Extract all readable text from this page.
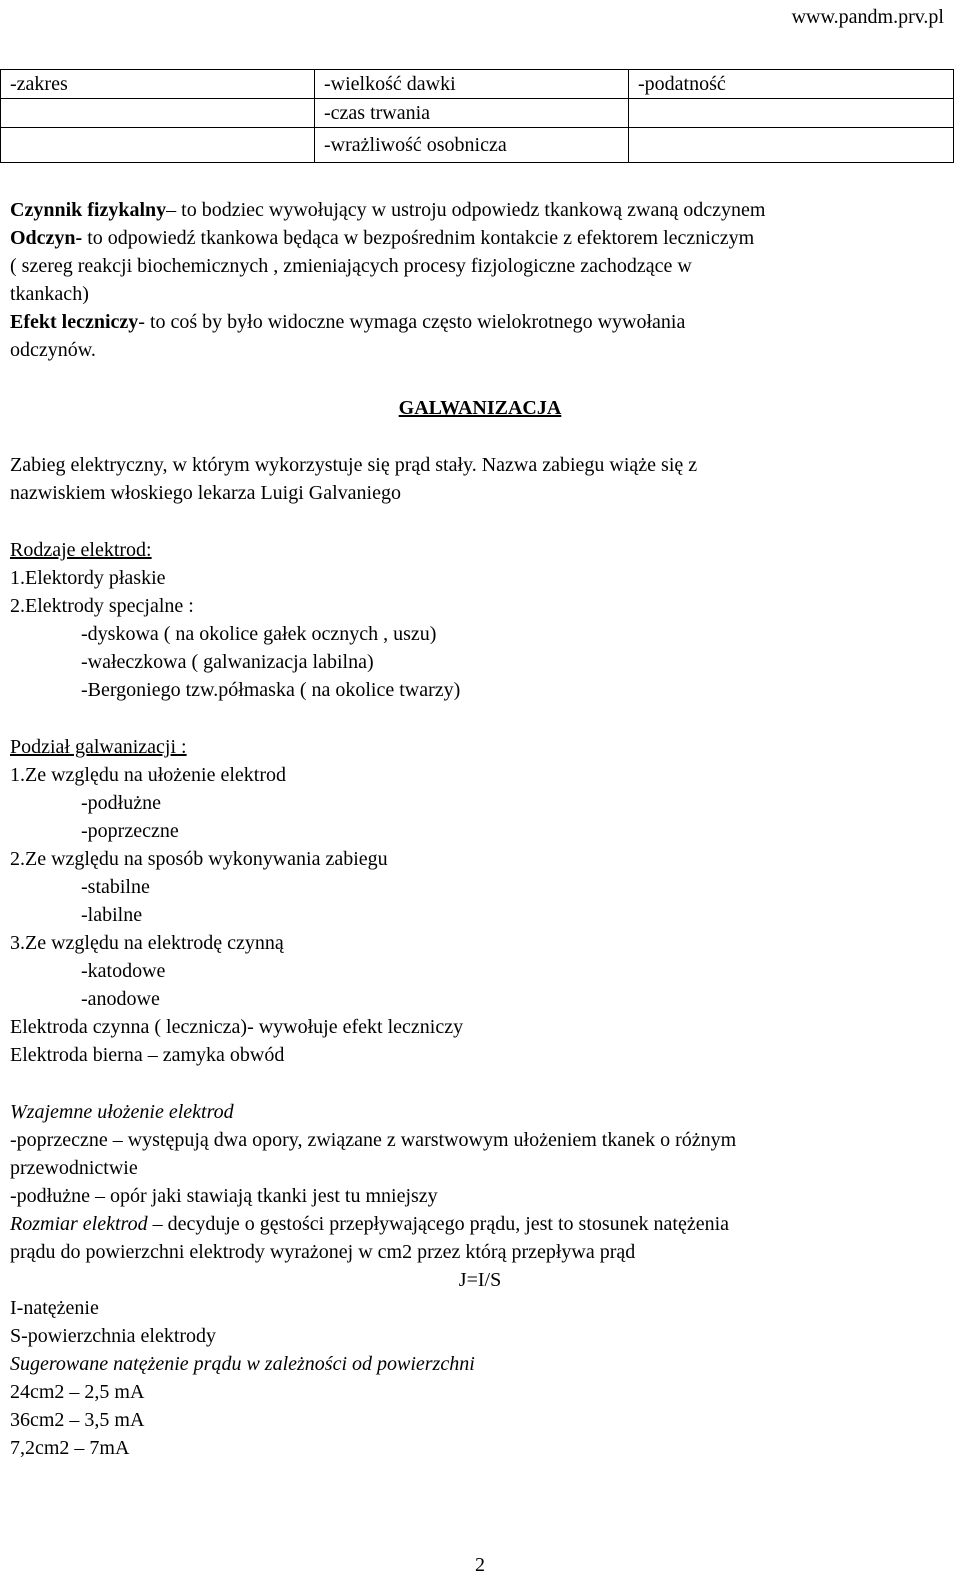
www.pandm.prv.pl
-zakres	-wielkość dawki	-podatność
	-czas trwania	
	-wrażliwość osobnicza	
Czynnik fizykalny– to bodziec wywołujący w ustroju odpowiedz tkankową zwaną odczynem
Odczyn- to odpowiedź tkankowa będąca w bezpośrednim kontakcie z efektorem leczniczym
( szereg reakcji biochemicznych , zmieniających procesy fizjologiczne zachodzące w
tkankach)
Efekt leczniczy- to coś by było widoczne wymaga często wielokrotnego wywołania
odczynów.
GALWANIZACJA
Zabieg elektryczny, w którym wykorzystuje się prąd stały. Nazwa zabiegu wiąże się z
nazwiskiem włoskiego lekarza Luigi Galvaniego
Rodzaje elektrod:
1.Elektordy płaskie
2.Elektrody specjalne :
-dyskowa ( na okolice gałek ocznych , uszu)
-wałeczkowa ( galwanizacja labilna)
-Bergoniego tzw.półmaska ( na okolice twarzy)
Podział galwanizacji :
1.Ze względu na ułożenie elektrod
-podłużne
-poprzeczne
2.Ze względu na sposób wykonywania zabiegu
-stabilne
-labilne
3.Ze względu na elektrodę czynną
-katodowe
-anodowe
Elektroda czynna ( lecznicza)- wywołuje efekt leczniczy
Elektroda bierna – zamyka obwód
Wzajemne ułożenie elektrod
-poprzeczne – występują dwa opory, związane z warstwowym ułożeniem tkanek o różnym
przewodnictwie
-podłużne – opór jaki stawiają tkanki jest tu mniejszy
Rozmiar elektrod – decyduje o gęstości przepływającego prądu, jest to stosunek natężenia
prądu do powierzchni elektrody wyrażonej w cm2 przez którą przepływa prąd
J=I/S
I-natężenie
S-powierzchnia elektrody
Sugerowane natężenie prądu w zależności od powierzchni
24cm2 – 2,5 mA
36cm2 – 3,5 mA
7,2cm2 – 7mA
2
